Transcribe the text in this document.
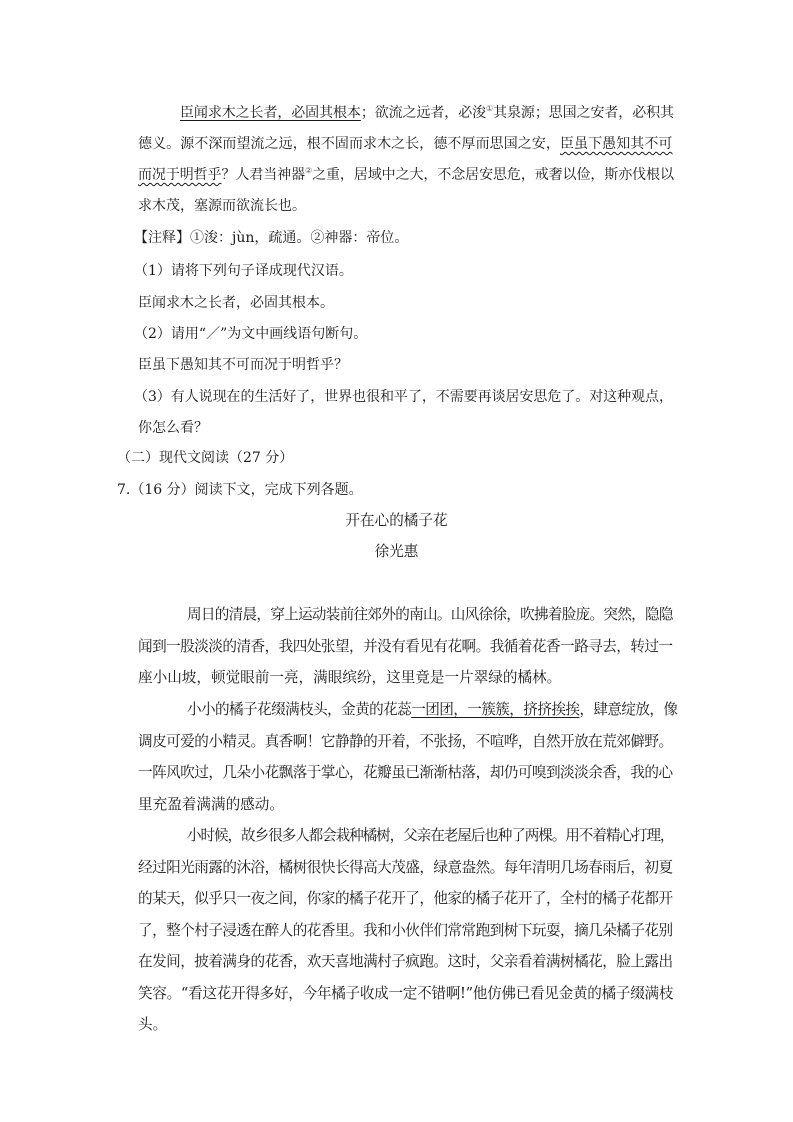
臣闻求木之长者，必固其根本；欲流之远者，必浚①其泉源；思国之安者，必积其
德义。源不深而望流之远，根不固而求木之长，德不厚而思国之安，臣虽下愚知其不可
而况于明哲乎？人君当神器②之重，居域中之大，不念居安思危，戒奢以俭，斯亦伐根以
求木茂，塞源而欲流长也。
【注释】①浚：jùn，疏通。②神器：帝位。
（1）请将下列句子译成现代汉语。
臣闻求木之长者，必固其根本。
（2）请用“／”为文中画线语句断句。
臣虽下愚知其不可而况于明哲乎？
（3）有人说现在的生活好了，世界也很和平了，不需要再谈居安思危了。对这种观点，
你怎么看？
（二）现代文阅读（27 分）
7.（16 分）阅读下文，完成下列各题。
开在心的橘子花
徐光惠
周日的清晨，穿上运动装前往郊外的南山。山风徐徐，吹拂着脸庞。突然，隐隐
闻到一股淡淡的清香，我四处张望，并没有看见有花啊。我循着花香一路寻去，转过一
座小山坡，顿觉眼前一亮，满眼缤纷，这里竟是一片翠绿的橘林。
小小的橘子花缀满枝头，金黄的花蕊一团团，一簇簇，挤挤挨挨，肆意绽放，像
调皮可爱的小精灵。真香啊！它静静的开着，不张扬，不喧哗，自然开放在荒郊僻野。
一阵风吹过，几朵小花飘落于掌心，花瓣虽已渐渐枯落，却仍可嗅到淡淡余香，我的心
里充盈着满满的感动。
小时候，故乡很多人都会栽种橘树，父亲在老屋后也种了两棵。用不着精心打理，
经过阳光雨露的沐浴，橘树很快长得高大茂盛，绿意盎然。每年清明几场春雨后，初夏
的某天，似乎只一夜之间，你家的橘子花开了，他家的橘子花开了，全村的橘子花都开
了，整个村子浸透在醉人的花香里。我和小伙伴们常常跑到树下玩耍，摘几朵橘子花别
在发间，披着满身的花香，欢天喜地满村子疯跑。这时，父亲看着满树橘花，脸上露出
笑容。“看这花开得多好，今年橘子收成一定不错啊!”他仿佛已看见金黄的橘子缀满枝
头。
